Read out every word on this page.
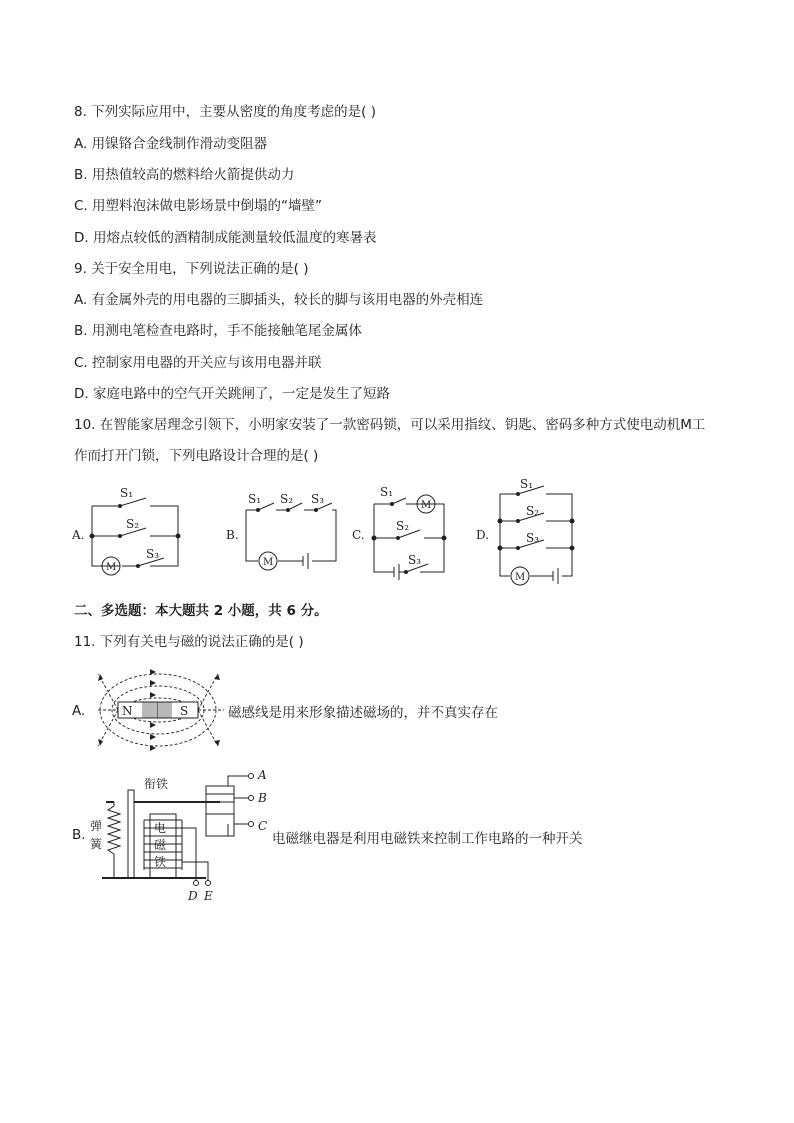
8. 下列实际应用中，主要从密度的角度考虑的是( )
A. 用镍铬合金线制作滑动变阻器
B. 用热值较高的燃料给火箭提供动力
C. 用塑料泡沫做电影场景中倒塌的“墙壁”
D. 用熔点较低的酒精制成能测量较低温度的寒暑表
9. 关于安全用电，下列说法正确的是( )
A. 有金属外壳的用电器的三脚插头，较长的脚与该用电器的外壳相连
B. 用测电笔检查电路时，手不能接触笔尾金属体
C. 控制家用电器的开关应与该用电器并联
D. 家庭电路中的空气开关跳闸了，一定是发生了短路
10. 在智能家居理念引领下，小明家安装了一款密码锁，可以采用指纹、钥匙、密码多种方式使电动机M工
作而打开门锁，下列电路设计合理的是( )
A.
S₁
S₂
S₃
M
B.
S₁ S₂ S₃
M
C.
S₁
S₂
S₃
M
D.
S₁
S₂
S₃
M
二、多选题：本大题共 2 小题，共 6 分。
11. 下列有关电与磁的说法正确的是( )
A.	磁感线是用来形象描述磁场的，并不真实存在
N	S
B.	电磁继电器是利用电磁铁来控制工作电路的一种开关
衔铁
弹
簧
电
磁
铁
A
B
C
D E
